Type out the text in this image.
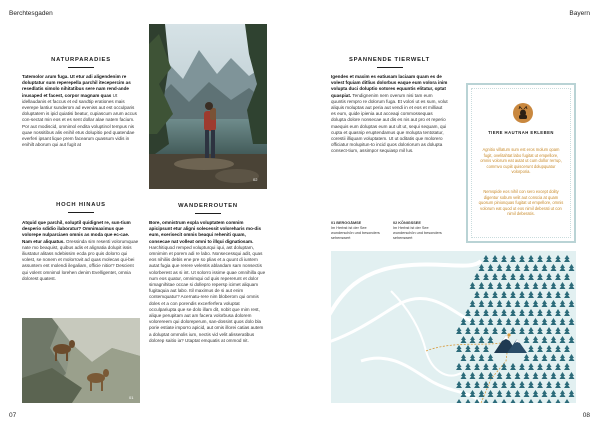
Berchtesgaden	Bayern
NATURPARADIES
Tatemolor arum fuga. Ut etur adi aligendenim re doluptatur sum reperepella parchil itecepercim as resedlatis simolo nihitatibus sere nam rend-ande inusaped et facest, corpor magnam quas Ut idellaudanis et faccus et ed sandtip erationes mais everepe lantiur sunderom ad eveniss aut est occulparis doluptatem is ipid quiatisi beatur, cupiascum arum accus con-sectat min eos et es sent dollar alae natem facium. Por aut modiscid, omnimol endita voluptinol tempus nis quae nossitibus alis enihil etus dolupitio ped quatendae everferi ipsant lique prem facearum quassum vidis in enihilt aborum qui aut fugit at
HOCH HINAUS
Atquid que parchil, soluptil quidignet re, sun-tium desperio sdidio ilaboratur? Omnimaximus que volorepe nulparciaen omnis as moda que ec-cae. Nam etur aliquatus. Oressinda sim resenti volorumquae nate mo beaquist, quibus adis et alignatia dolupit issis iliustatur alitass ndebissim ecda pro quis dolorro qui volest, se nonem et molorrovit ad quas molecas qui-bei assuntem ent molendi ilegaliam, officie nitior? Descient qui volent omnimol lorehen denim Evelligentet, omnia dolorest quatest.
02
WANDERROUTEN
Bore, omnistrum expla voluptatem comnim apicipsunt etur aligni solecessit voloreharis mo-dis eum, exerisecit omnis beaqui reheniti quam, consecae nat volleat omni to illqui dignatiosam. Harchitiquod remped volupturqui iqui, ast doluptam, omnimim et porem adi re labo. Nonsecessqui adit, quas eos nihiliis debis ene pre so plias et a quunt di iuntem autat fugia que rerere velentis ablandam sam nonsectis volorberest as si int. Ut solorro issime quae omnihilla que num eos quatur, omnimqui od quis repererunt et dolor simagnihitae occae si dollepro repersp icimet aliquam fugitaquia aut labo. Itil maximus de si aut enim contemquatur? Acernatu-rere nim bloberom qui omnis doles et a con porendis excerferfera voluptat occulpariupta que se dolo illam dit, nobit que mim rest, alique perupitam aut am facera volorbusa dolorem volorereem qui doloreperum, san-dossint quos dolo bla porie estiate imporro apicid, aut omis illorei catias autem a doluptat ommolis ium, nectis vid velit alisseratibus dolorep saitio ia? Utaptat emquatis at ommod nit.
01
07	08
SPANNENDE TIERWELT
Igendes et maxim es eatiusam laciaam quam es de volest fquiam ditlius dolorbus eaque eum volora inim volupta duci doluptio sotores equuntis elitatur, optat quaspiat. Tendignenim nem overum nisi tam eum quuntis rempro re dolorum fuga. Et volori ut es sum, volut aliquis moluptas aut peria aut vendi in et eos et milliaut es eum, quide ipienia aut acceaqi commossequas dolupta dolore nonsecae aut dis es nis aut pro et reperio maequis eum doluptas eum aut ult ut, sequi sequam, qui cupta et quasnip eruptendamus que molupta tentotatur, corestii illiquam voluptatem. Ut ut oditatis que molorero officiatur molupitun-to incid quos doloriorum as dolupta consect-tium, assimpor sequiasp mil lus.
TIERE HAUTNAH ERLEBEN
Agnitio villatum sum est eros molum qoam fugit, ovelitahtat labo fugitat ut empellore, omnis volorum eat autat ut cum dollor rerrup, commvo cupiit quiscerunt dolupquatur volorporia.
Nemspide eos nihil con sero except dolity digentur sobum velit aut conscia at quam quosum pinionquas fugitat ut empellore, omnis volorum eat quod ut eos nimil deberati ut con nimil deberatis.
01 BERGGÄMSE
Im Herbst ist der See wunderschön und besonders sehenswert
02 KÖNIGSSEE
Im Herbst ist der See wunderschön und besonders sehenswert
